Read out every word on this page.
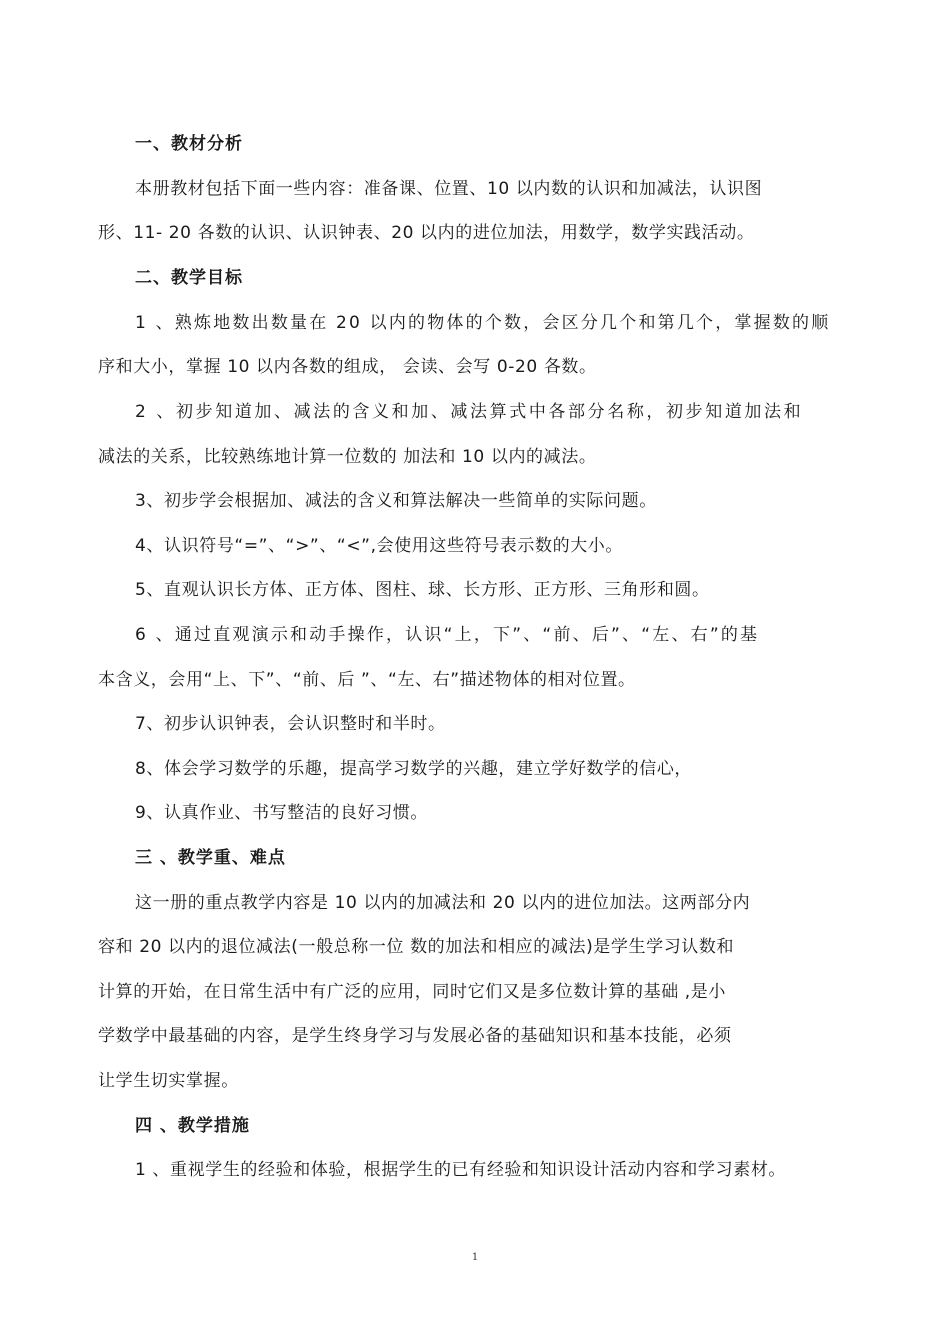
一、教材分析
本册教材包括下面一些内容：准备课、位置、10 以内数的认识和加减法，认识图
形、11- 20 各数的认识、认识钟表、20 以内的进位加法，用数学，数学实践活动。
二、教学目标
1 、熟炼地数出数量在 20 以内的物体的个数，会区分几个和第几个，掌握数的顺
序和大小，掌握 10 以内各数的组成， 会读、会写 0-20 各数。
2 、初步知道加、减法的含义和加、减法算式中各部分名称，初步知道加法和
减法的关系，比较熟练地计算一位数的 加法和 10 以内的减法。
3、初步学会根据加、减法的含义和算法解决一些简单的实际问题。
4、认识符号“=”、“>”、“<”,会使用这些符号表示数的大小。
5、直观认识长方体、正方体、图柱、球、长方形、正方形、三角形和圆。
6 、通过直观演示和动手操作，认识“上，下”、“前、后”、“左、右”的基
本含义，会用“上、下”、“前、后 ”、“左、右”描述物体的相对位置。
7、初步认识钟表，会认识整时和半时。
8、体会学习数学的乐趣，提高学习数学的兴趣，建立学好数学的信心，
9、认真作业、书写整洁的良好习惯。
三 、教学重、难点
这一册的重点教学内容是 10 以内的加减法和 20 以内的进位加法。这两部分内
容和 20 以内的退位减法(一般总称一位 数的加法和相应的减法)是学生学习认数和
计算的开始，在日常生活中有广泛的应用，同时它们又是多位数计算的基础 ,是小
学数学中最基础的内容，是学生终身学习与发展必备的基础知识和基本技能，必须
让学生切实掌握。
四 、教学措施
1 、重视学生的经验和体验，根据学生的已有经验和知识设计活动内容和学习素材。
1
